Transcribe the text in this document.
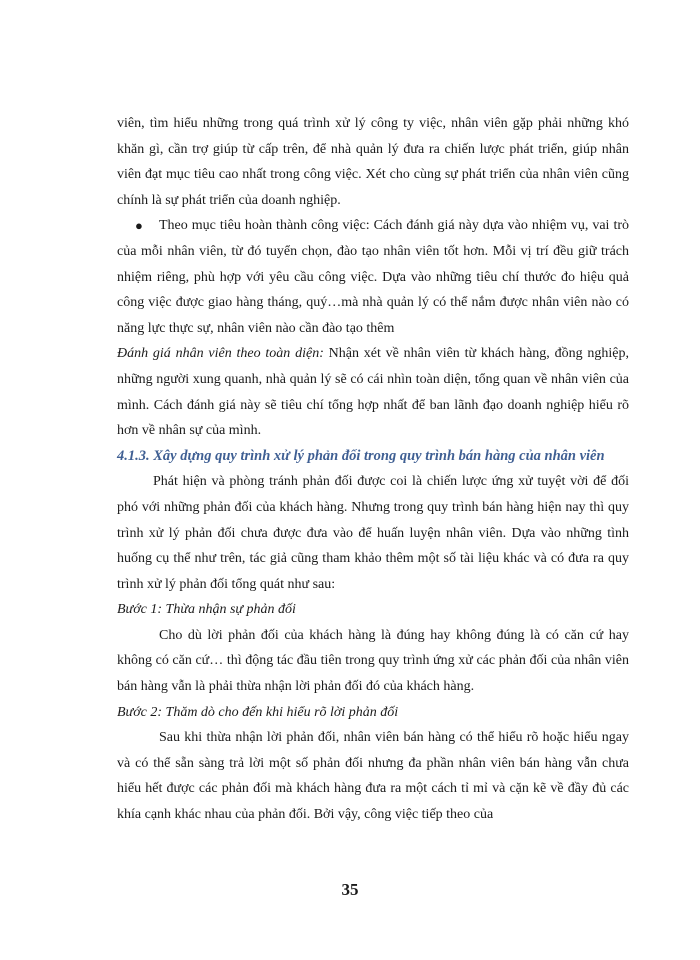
viên, tìm hiểu những trong quá trình xử lý công ty việc, nhân viên gặp phải những khó khăn gì, cần trợ giúp từ cấp trên, để nhà quản lý đưa ra chiến lược phát triển, giúp nhân viên đạt mục tiêu cao nhất trong công việc. Xét cho cùng sự phát triển của nhân viên cũng chính là sự phát triển của doanh nghiệp.

●	Theo mục tiêu hoàn thành công việc: Cách đánh giá này dựa vào nhiệm vụ, vai trò của mỗi nhân viên, từ đó tuyển chọn, đào tạo nhân viên tốt hơn. Mỗi vị trí đều giữ trách nhiệm riêng, phù hợp với yêu cầu công việc. Dựa vào những tiêu chí thước đo hiệu quả công việc được giao hàng tháng, quý…mà nhà quản lý có thể nắm được nhân viên nào có năng lực thực sự, nhân viên nào cần đào tạo thêm

Đánh giá nhân viên theo toàn diện: Nhận xét về nhân viên từ khách hàng, đồng nghiệp, những người xung quanh, nhà quản lý sẽ có cái nhìn toàn diện, tổng quan về nhân viên của mình. Cách đánh giá này sẽ tiêu chí tổng hợp nhất để ban lãnh đạo doanh nghiệp hiểu rõ hơn về nhân sự của mình.

4.1.3. Xây dựng quy trình xử lý phản đối trong quy trình bán hàng của nhân viên

Phát hiện và phòng tránh phản đối được coi là chiến lược ứng xử tuyệt vời để đối phó với những phản đối của khách hàng. Nhưng trong quy trình bán hàng hiện nay thì quy trình xử lý phản đối chưa được đưa vào để huấn luyện nhân viên. Dựa vào những tình huống cụ thể như trên, tác giả cũng tham khảo thêm một số tài liệu khác và có đưa ra quy trình xử lý phản đối tổng quát như sau:

Bước 1: Thừa nhận sự phản đối

Cho dù lời phản đối của khách hàng là đúng hay không đúng là có căn cứ hay không có căn cứ… thì động tác đầu tiên trong quy trình ứng xử các phản đối của nhân viên bán hàng vẫn là phải thừa nhận lời phản đối đó của khách hàng.

Bước 2: Thăm dò cho đến khi hiểu rõ lời phản đối

Sau khi thừa nhận lời phản đối, nhân viên bán hàng có thể hiểu rõ hoặc hiểu ngay và có thể sẵn sàng trả lời một số phản đối nhưng đa phần nhân viên bán hàng vẫn chưa hiểu hết được các phản đối mà khách hàng đưa ra một cách tỉ mỉ và cặn kẽ về đầy đủ các khía cạnh khác nhau của phản đối. Bởi vậy, công việc tiếp theo của

35
